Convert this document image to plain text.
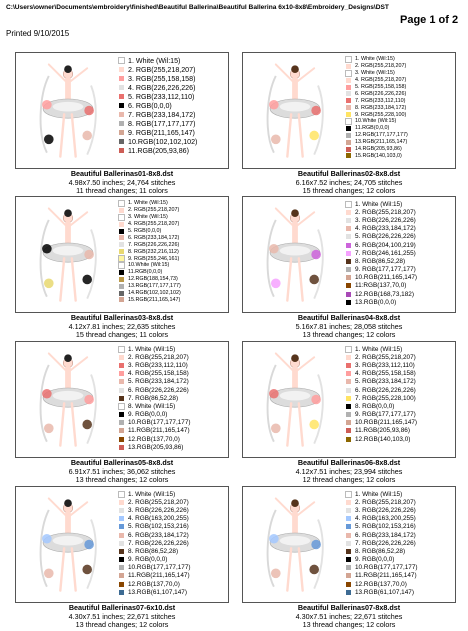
C:\Users\owner\Documents\embroidery\finished\Beautiful Ballerina\Beautiful Ballerina 6x10-8x8\Embroidery_Designs\DST
Page 1 of 2
Printed 9/10/2015
1. White (Wil:15)
2. RGB(255,218,207)
3. RGB(255,158,158)
4. RGB(226,226,226)
5. RGB(233,112,110)
6. RGB(0,0,0)
7. RGB(233,184,172)
8. RGB(177,177,177)
9. RGB(211,165,147)
10.RGB(102,102,102)
11.RGB(205,93,86)
Beautiful Ballerinas01-8x8.dst
4.98x7.50 inches; 24,764 stitches
11 thread changes; 11 colors
1. White (Wil:15)
2. RGB(255,218,207)
3. White (Wil:15)
4. RGB(255,218,207)
5. RGB(255,158,158)
6. RGB(226,226,226)
7. RGB(233,112,110)
8. RGB(233,184,172)
9. RGB(255,228,100)
10.White (Wil:15)
11.RGB(0,0,0)
12.RGB(177,177,177)
13.RGB(211,165,147)
14.RGB(205,93,86)
15.RGB(140,103,0)
Beautiful Ballerinas02-8x8.dst
6.16x7.52 inches; 24,705 stitches
15 thread changes; 12 colors
1. White (Wil:15)
2. RGB(255,218,207)
3. White (Wil:15)
4. RGB(255,218,207)
5. RGB(0,0,0)
6. RGB(233,184,172)
7. RGB(226,226,226)
8. RGB(232,216,112)
9. RGB(255,246,161)
10.White (Wil:15)
11.RGB(0,0,0)
12.RGB(188,154,73)
13.RGB(177,177,177)
14.RGB(102,102,102)
15.RGB(211,165,147)
Beautiful Ballerinas03-8x8.dst
4.12x7.81 inches; 22,635 stitches
15 thread changes; 11 colors
1. White (Wil:15)
2. RGB(255,218,207)
3. RGB(226,226,226)
4. RGB(233,184,172)
5. RGB(226,226,226)
6. RGB(204,100,219)
7. RGB(246,161,255)
8. RGB(86,52,28)
9. RGB(177,177,177)
10.RGB(211,165,147)
11:RGB(137,70,0)
12.RGB(168,73,182)
13.RGB(0,0,0)
Beautiful Ballerinas04-8x8.dst
5.16x7.81 inches; 28,058 stitches
13 thread changes; 12 colors
1. White (Wil:15)
2. RGB(255,218,207)
3. RGB(233,112,110)
4. RGB(255,158,158)
5. RGB(233,184,172)
6. RGB(226,226,226)
7. RGB(86,52,28)
8. White (Wil:15)
9. RGB(0,0,0)
10.RGB(177,177,177)
11.RGB(211,165,147)
12.RGB(137,70,0)
13.RGB(205,93,86)
Beautiful Ballerinas05-8x8.dst
6.91x7.51 inches; 36,062 stitches
13 thread changes; 12 colors
1. White (Wil:15)
2. RGB(255,218,207)
3. RGB(233,112,110)
4. RGB(255,158,158)
5. RGB(233,184,172)
6. RGB(226,226,226)
7. RGB(255,228,100)
8. RGB(0,0,0)
9. RGB(177,177,177)
10.RGB(211,165,147)
11.RGB(205,93,86)
12.RGB(140,103,0)
Beautiful Ballerinas06-8x8.dst
4.12x7.51 inches; 23,994 stitches
12 thread changes; 12 colors
1. White (Wil:15)
2. RGB(255,218,207)
3. RGB(226,226,226)
4. RGB(163,200,255)
5. RGB(102,153,216)
6. RGB(233,184,172)
7. RGB(226,226,226)
8. RGB(86,52,28)
9. RGB(0,0,0)
10.RGB(177,177,177)
11.RGB(211,165,147)
12.RGB(137,70,0)
13.RGB(61,107,147)
Beautiful Ballerinas07-6x10.dst
4.30x7.51 inches; 22,671 stitches
13 thread changes; 12 colors
1. White (Wil:15)
2. RGB(255,218,207)
3. RGB(226,226,226)
4. RGB(163,200,255)
5. RGB(102,153,216)
6. RGB(233,184,172)
7. RGB(226,226,226)
8. RGB(86,52,28)
9. RGB(0,0,0)
10.RGB(177,177,177)
11.RGB(211,165,147)
12.RGB(137,70,0)
13.RGB(61,107,147)
Beautiful Ballerinas07-8x8.dst
4.30x7.51 inches; 22,671 stitches
13 thread changes; 12 colors
